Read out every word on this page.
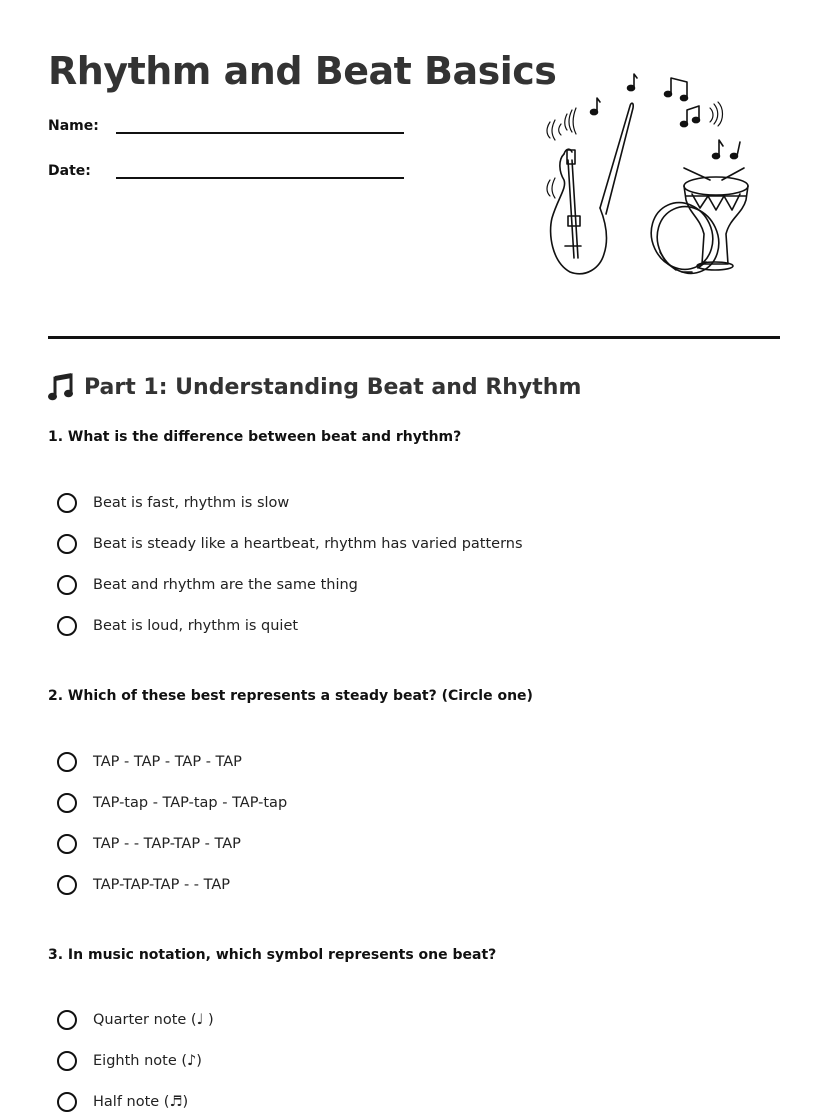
Rhythm and Beat Basics
Name:
Date:
Part 1: Understanding Beat and Rhythm

1. What is the difference between beat and rhythm?

Beat is fast, rhythm is slow
Beat is steady like a heartbeat, rhythm has varied patterns
Beat and rhythm are the same thing
Beat is loud, rhythm is quiet

2. Which of these best represents a steady beat? (Circle one)

TAP - TAP - TAP - TAP
TAP-tap - TAP-tap - TAP-tap
TAP - - TAP-TAP - TAP
TAP-TAP-TAP - - TAP

3. In music notation, which symbol represents one beat?

Quarter note (♩ )
Eighth note (♪)
Half note (♬)
